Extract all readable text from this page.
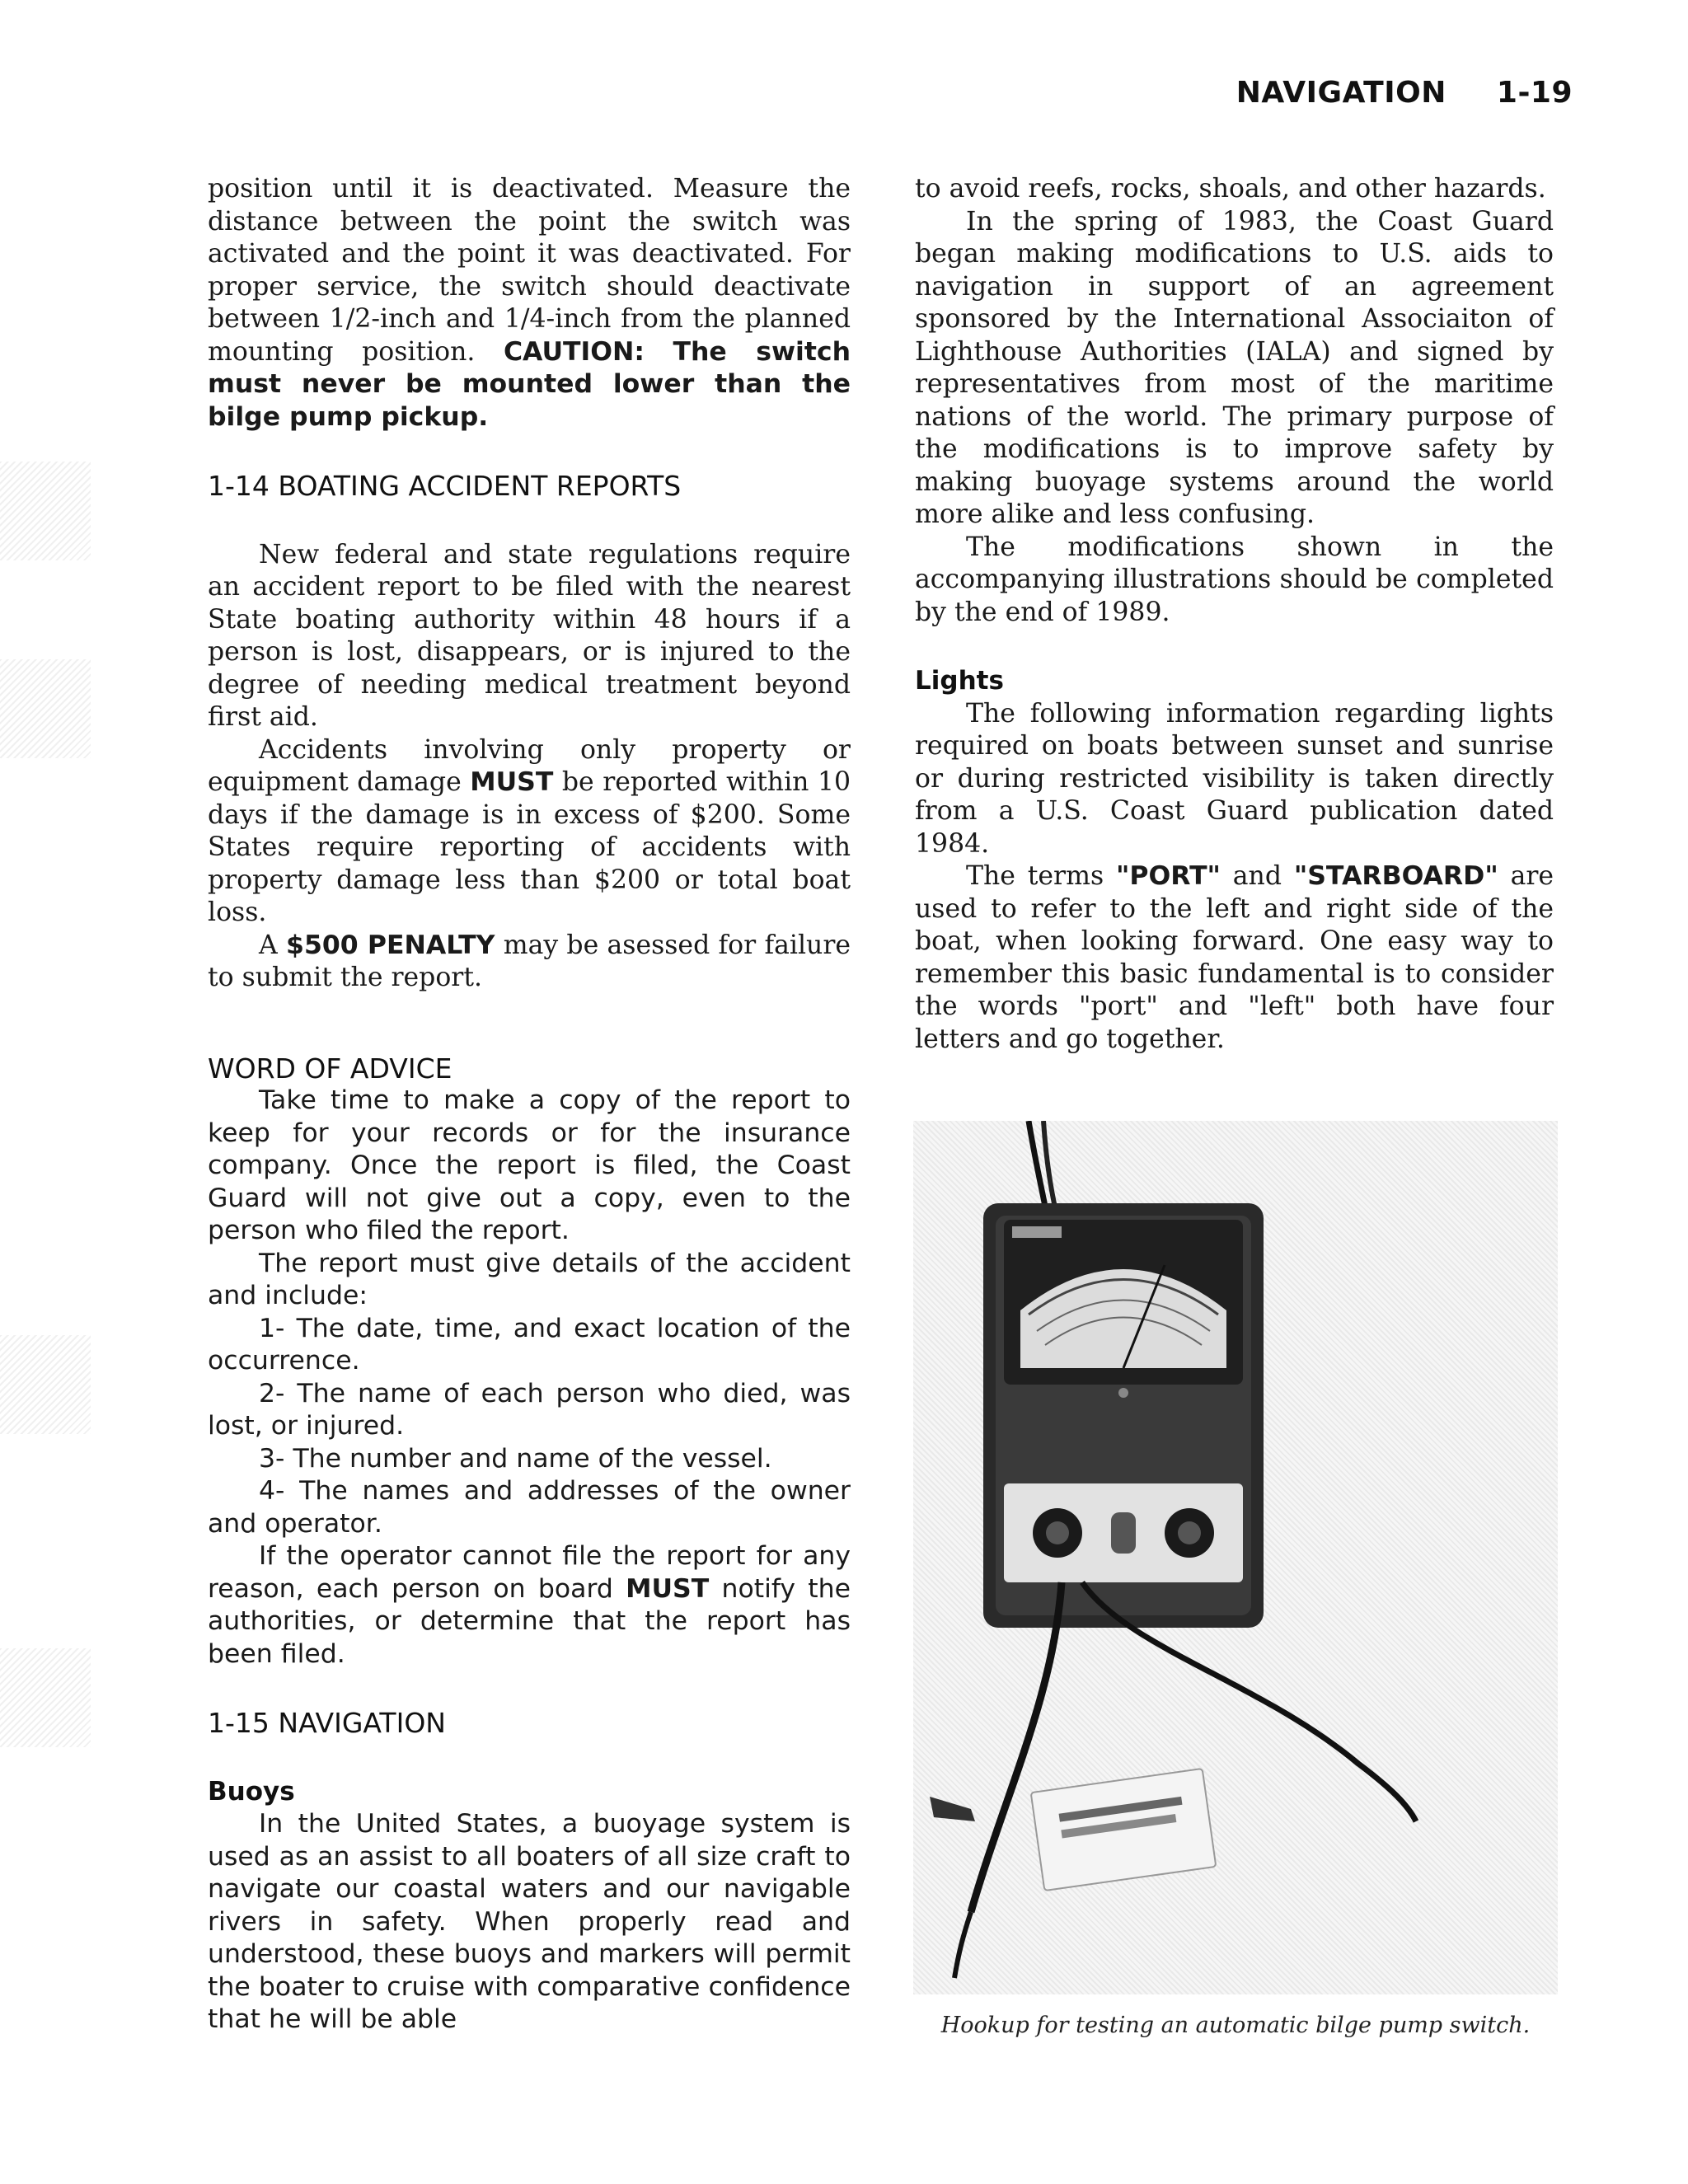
NAVIGATION 1-19

position until it is deactivated. Measure the distance between the point the switch was activated and the point it was deactivated. For proper service, the switch should deactivate between 1/2-inch and 1/4-inch from the planned mounting position. CAUTION: The switch must never be mounted lower than the bilge pump pickup.

1-14 BOATING ACCIDENT REPORTS

New federal and state regulations require an accident report to be filed with the nearest State boating authority within 48 hours if a person is lost, disappears, or is injured to the degree of needing medical treatment beyond first aid.

Accidents involving only property or equipment damage MUST be reported within 10 days if the damage is in excess of $200. Some States require reporting of accidents with property damage less than $200 or total boat loss.

A $500 PENALTY may be asessed for failure to submit the report.

WORD OF ADVICE

Take time to make a copy of the report to keep for your records or for the insurance company. Once the report is filed, the Coast Guard will not give out a copy, even to the person who filed the report.

The report must give details of the accident and include:

1- The date, time, and exact location of the occurrence.

2- The name of each person who died, was lost, or injured.

3- The number and name of the vessel.

4- The names and addresses of the owner and operator.

If the operator cannot file the report for any reason, each person on board MUST notify the authorities, or determine that the report has been filed.

1-15 NAVIGATION
Buoys

In the United States, a buoyage system is used as an assist to all boaters of all size craft to navigate our coastal waters and our navigable rivers in safety. When properly read and understood, these buoys and markers will permit the boater to cruise with comparative confidence that he will be able

to avoid reefs, rocks, shoals, and other hazards.

In the spring of 1983, the Coast Guard began making modifications to U.S. aids to navigation in support of an agreement sponsored by the International Associaiton of Lighthouse Authorities (IALA) and signed by representatives from most of the maritime nations of the world. The primary purpose of the modifications is to improve safety by making buoyage systems around the world more alike and less confusing.

The modifications shown in the accompanying illustrations should be completed by the end of 1989.

Lights

The following information regarding lights required on boats between sunset and sunrise or during restricted visibility is taken directly from a U.S. Coast Guard publication dated 1984.

The terms "PORT" and "STARBOARD" are used to refer to the left and right side of the boat, when looking forward. One easy way to remember this basic fundamental is to consider the words "port" and "left" both have four letters and go together.

Hookup for testing an automatic bilge pump switch.
